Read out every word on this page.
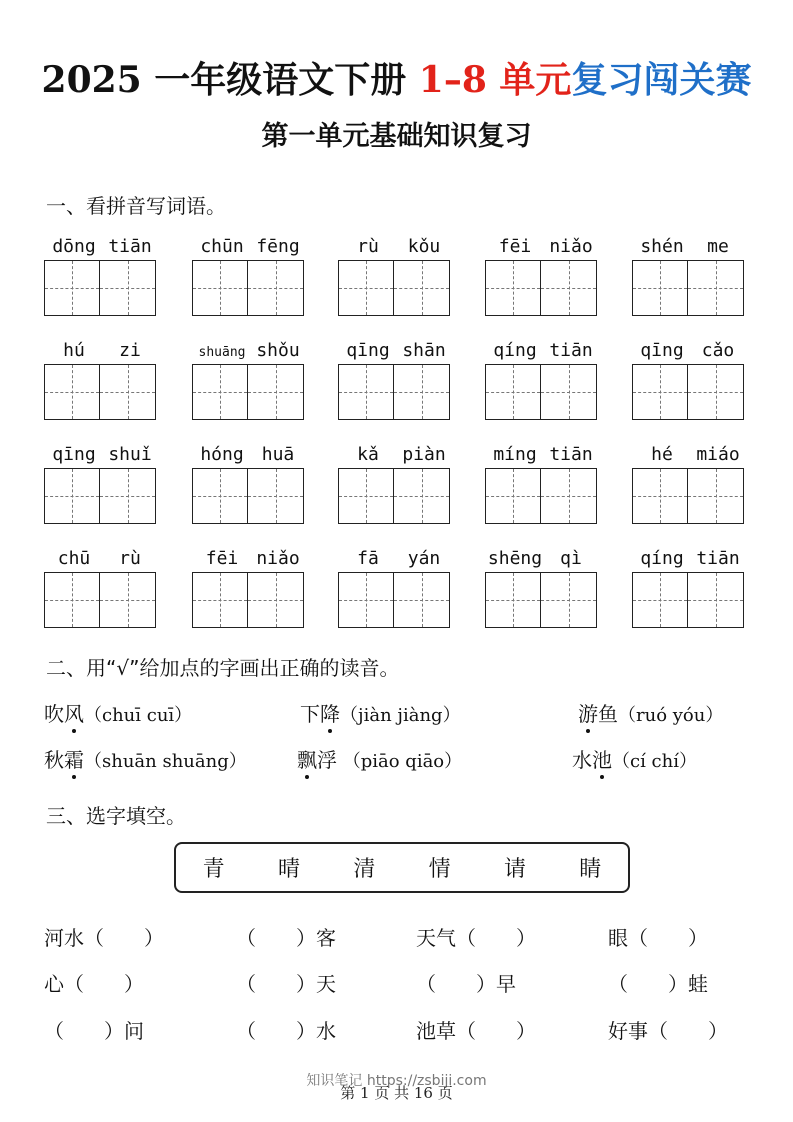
2025 一年级语文下册 1–8 单元复习闯关赛
第一单元基础知识复习
一、看拼音写词语。
dōng tiān	chūn fēng	rù kǒu	fēi niǎo	shén me
hú zi	shuāng shǒu	qīng shān	qíng tiān	qīng cǎo
qīng shuǐ	hóng huā	kǎ piàn	míng tiān	hé miáo
chū rù	fēi niǎo	fā yán	shēng qì	qíng tiān
二、用“√”给加点的字画出正确的读音。
吹风（chuī cuī）	下降（jiàn jiàng）	游鱼（ruó yóu）
秋霜（shuān shuāng）	飘浮 （piāo qiāo）	水池（cí chí）
三、选字填空。
青 晴 清 情 请 睛
河水（　　）	（　　）客	天气（　　）	眼（　　）
心（　　）	（　　）天	（　　）早	（　　）蛙
（　　）问	（　　）水	池草（　　）	好事（　　）
知识笔记 https://zsbiji.com
第 1 页 共 16 页
